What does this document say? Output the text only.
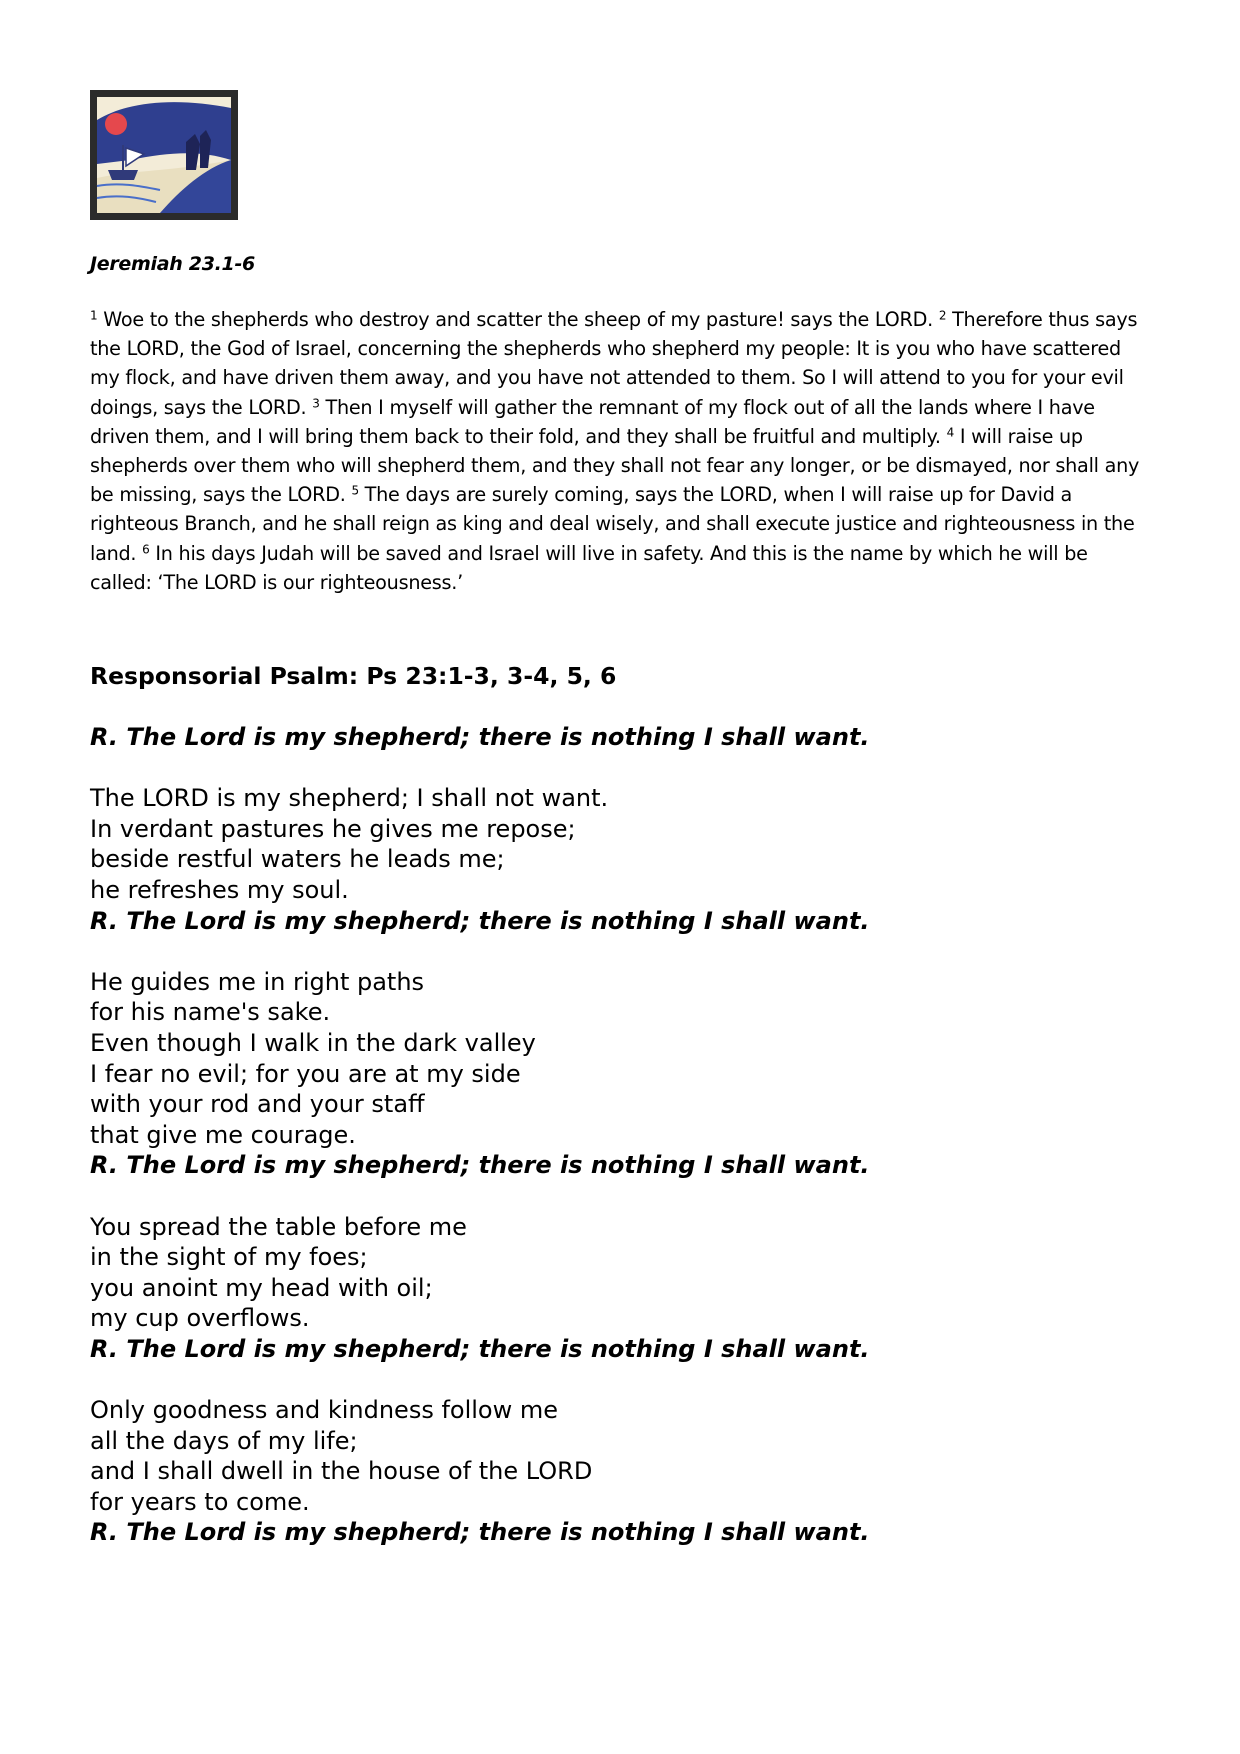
Jeremiah 23.1-6
$^1$ Woe to the shepherds who destroy and scatter the sheep of my pasture! says the LORD. $^2$ Therefore thus says the LORD, the God of Israel, concerning the shepherds who shepherd my people: It is you who have scattered my flock, and have driven them away, and you have not attended to them. So I will attend to you for your evil doings, says the LORD. $^3$ Then I myself will gather the remnant of my flock out of all the lands where I have driven them, and I will bring them back to their fold, and they shall be fruitful and multiply. $^4$ I will raise up shepherds over them who will shepherd them, and they shall not fear any longer, or be dismayed, nor shall any be missing, says the LORD. $^5$ The days are surely coming, says the LORD, when I will raise up for David a righteous Branch, and he shall reign as king and deal wisely, and shall execute justice and righteousness in the land. $^6$ In his days Judah will be saved and Israel will live in safety. And this is the name by which he will be called: ‘The LORD is our righteousness.’
Responsorial Psalm: Ps 23:1-3, 3-4, 5, 6
R. The Lord is my shepherd; there is nothing I shall want.
The LORD is my shepherd; I shall not want.
In verdant pastures he gives me repose;
beside restful waters he leads me;
he refreshes my soul.
R. The Lord is my shepherd; there is nothing I shall want.
He guides me in right paths
for his name's sake.
Even though I walk in the dark valley
I fear no evil; for you are at my side
with your rod and your staff
that give me courage.
R. The Lord is my shepherd; there is nothing I shall want.
You spread the table before me
in the sight of my foes;
you anoint my head with oil;
my cup overflows.
R. The Lord is my shepherd; there is nothing I shall want.
Only goodness and kindness follow me
all the days of my life;
and I shall dwell in the house of the LORD
for years to come.
R. The Lord is my shepherd; there is nothing I shall want.
